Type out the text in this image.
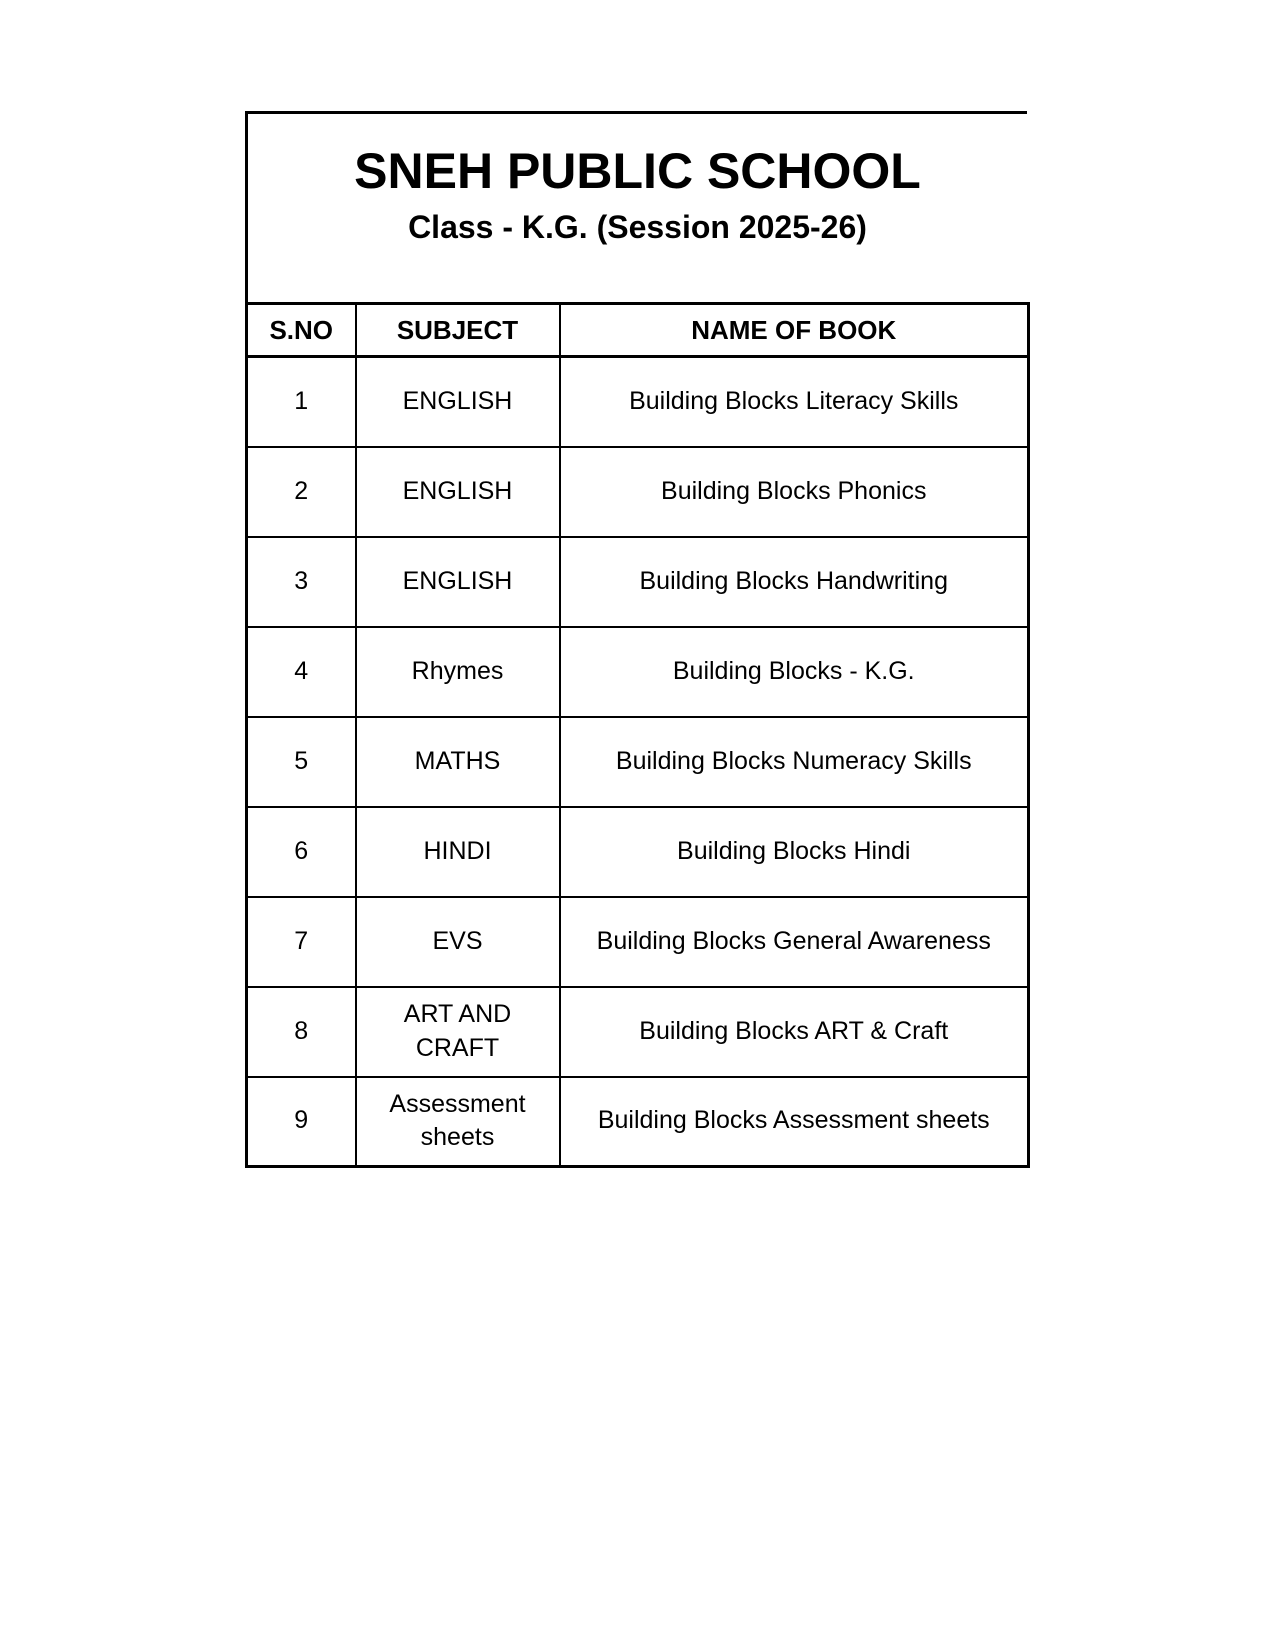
SNEH PUBLIC SCHOOL
Class - K.G. (Session 2025-26)
S.NO	SUBJECT	NAME OF BOOK
1	ENGLISH	Building Blocks Literacy Skills
2	ENGLISH	Building Blocks Phonics
3	ENGLISH	Building Blocks Handwriting
4	Rhymes	Building Blocks - K.G.
5	MATHS	Building Blocks Numeracy Skills
6	HINDI	Building Blocks Hindi
7	EVS	Building Blocks General Awareness
8	ART AND CRAFT	Building Blocks ART & Craft
9	Assessment sheets	Building Blocks Assessment sheets
